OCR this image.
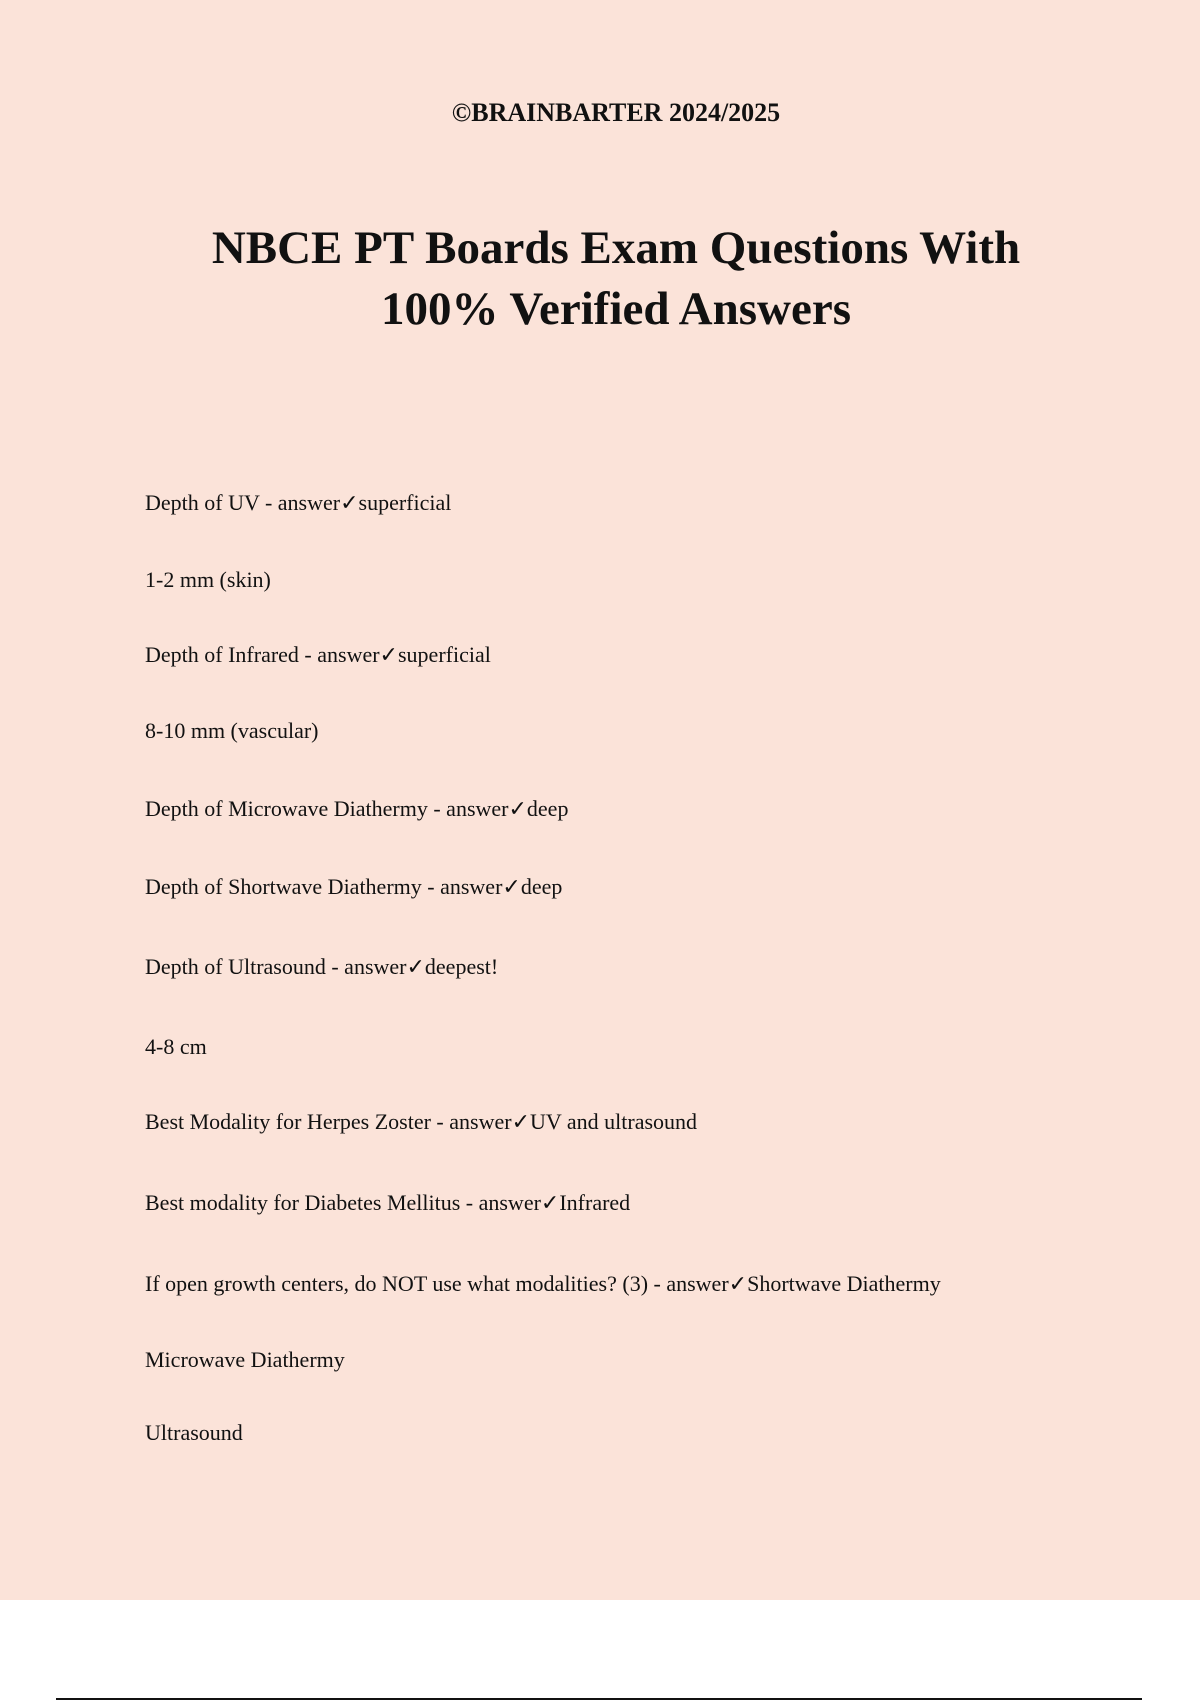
©BRAINBARTER 2024/2025
NBCE PT Boards Exam Questions With
100% Verified Answers
Depth of UV - answer✓superficial
1-2 mm (skin)
Depth of Infrared - answer✓superficial
8-10 mm (vascular)
Depth of Microwave Diathermy - answer✓deep
Depth of Shortwave Diathermy - answer✓deep
Depth of Ultrasound - answer✓deepest!
4-8 cm
Best Modality for Herpes Zoster - answer✓UV and ultrasound
Best modality for Diabetes Mellitus - answer✓Infrared
If open growth centers, do NOT use what modalities? (3) - answer✓Shortwave Diathermy
Microwave Diathermy
Ultrasound
